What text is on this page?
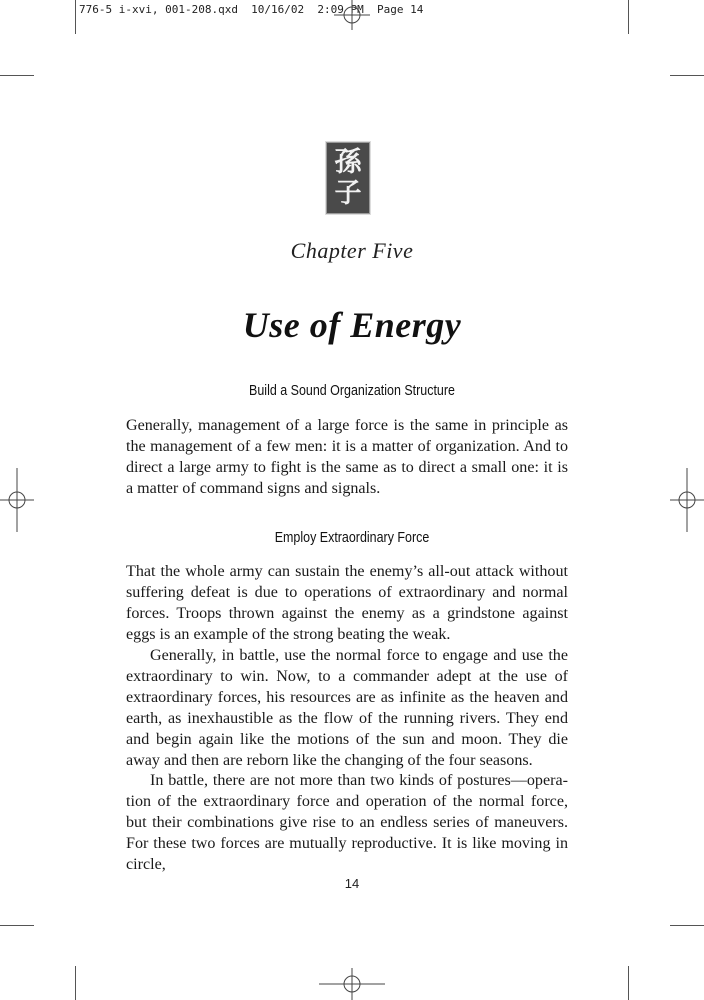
776-5 i-xvi, 001-208.qxd  10/16/02  2:09 PM  Page 14
孫
子
Chapter Five
Use of Energy
Build a Sound Organization Structure

Generally, management of a large force is the same in principle as the management of a few men: it is a matter of organization. And to direct a large army to fight is the same as to direct a small one: it is a matter of command signs and signals.

Employ Extraordinary Force

That the whole army can sustain the enemy’s all-out attack without suffering defeat is due to operations of extraordinary and normal forces. Troops thrown against the enemy as a grindstone against eggs is an example of the strong beating the weak.

Generally, in battle, use the normal force to engage and use the extraordinary to win. Now, to a commander adept at the use of extraordinary forces, his resources are as infinite as the heaven and earth, as inexhaustible as the flow of the running rivers. They end and begin again like the motions of the sun and moon. They die away and then are reborn like the changing of the four seasons.

In battle, there are not more than two kinds of postures—operation of the extraordinary force and operation of the normal force, but their combinations give rise to an endless series of maneuvers. For these two forces are mutually reproductive. It is like moving in circle,

14
